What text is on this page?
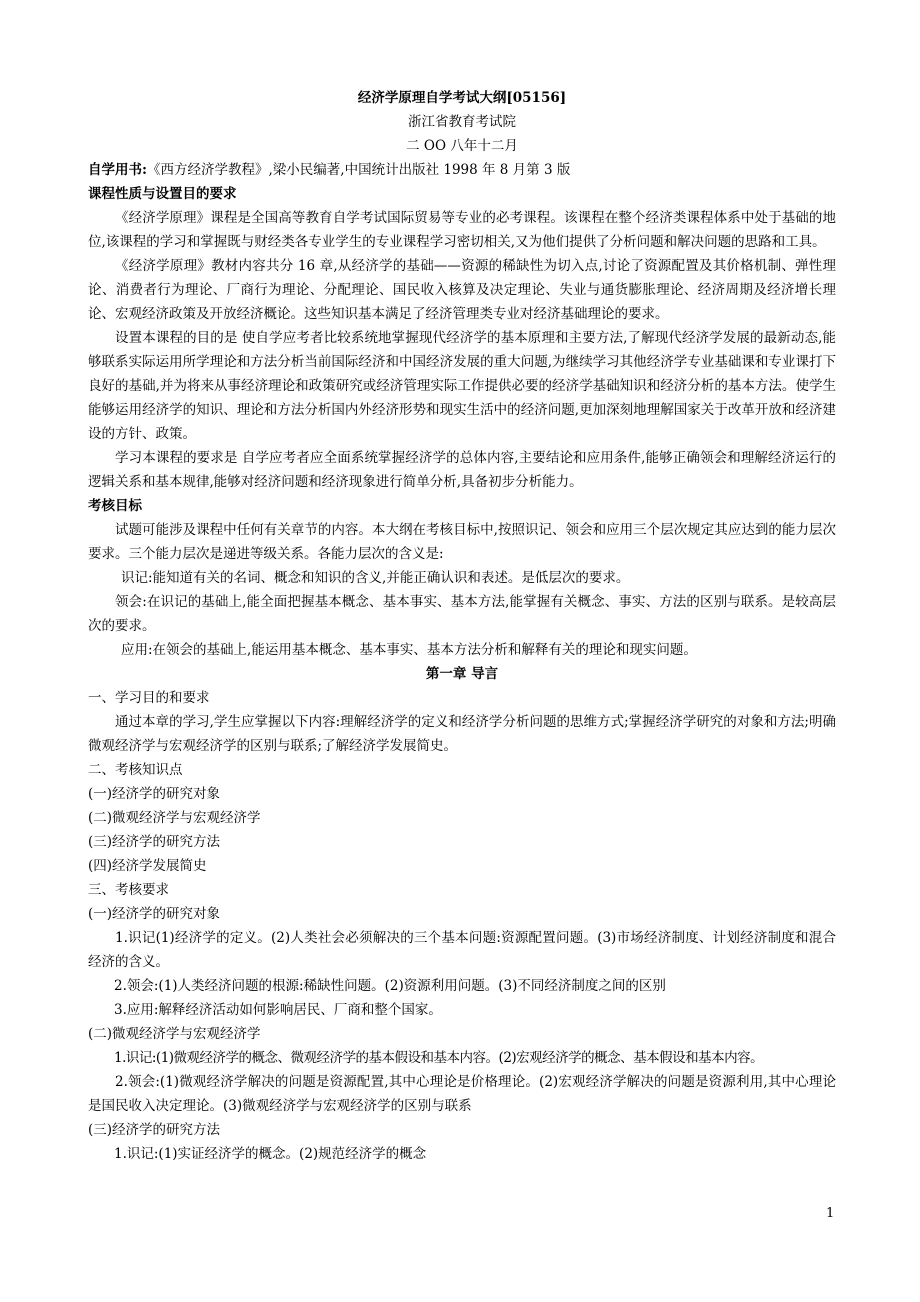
经济学原理自学考试大纲[05156]
浙江省教育考试院
二 OO 八年十二月
自学用书:《西方经济学教程》,梁小民编著,中国统计出版社 1998 年 8 月第 3 版
课程性质与设置目的要求
《经济学原理》课程是全国高等教育自学考试国际贸易等专业的必考课程。该课程在整个经济类课程体系中处于基础的地位,该课程的学习和掌握既与财经类各专业学生的专业课程学习密切相关,又为他们提供了分析问题和解决问题的思路和工具。
《经济学原理》教材内容共分 16 章,从经济学的基础——资源的稀缺性为切入点,讨论了资源配置及其价格机制、弹性理论、消费者行为理论、厂商行为理论、分配理论、国民收入核算及决定理论、失业与通货膨胀理论、经济周期及经济增长理论、宏观经济政策及开放经济概论。这些知识基本满足了经济管理类专业对经济基础理论的要求。
设置本课程的目的是 使自学应考者比较系统地掌握现代经济学的基本原理和主要方法,了解现代经济学发展的最新动态,能够联系实际运用所学理论和方法分析当前国际经济和中国经济发展的重大问题,为继续学习其他经济学专业基础课和专业课打下良好的基础,并为将来从事经济理论和政策研究或经济管理实际工作提供必要的经济学基础知识和经济分析的基本方法。使学生能够运用经济学的知识、理论和方法分析国内外经济形势和现实生活中的经济问题,更加深刻地理解国家关于改革开放和经济建设的方针、政策。
学习本课程的要求是 自学应考者应全面系统掌握经济学的总体内容,主要结论和应用条件,能够正确领会和理解经济运行的逻辑关系和基本规律,能够对经济问题和经济现象进行简单分析,具备初步分析能力。
考核目标
试题可能涉及课程中任何有关章节的内容。本大纲在考核目标中,按照识记、领会和应用三个层次规定其应达到的能力层次要求。三个能力层次是递进等级关系。各能力层次的含义是:
识记:能知道有关的名词、概念和知识的含义,并能正确认识和表述。是低层次的要求。
领会:在识记的基础上,能全面把握基本概念、基本事实、基本方法,能掌握有关概念、事实、方法的区别与联系。是较高层次的要求。
应用:在领会的基础上,能运用基本概念、基本事实、基本方法分析和解释有关的理论和现实问题。
第一章 导言
一、学习目的和要求
通过本章的学习,学生应掌握以下内容:理解经济学的定义和经济学分析问题的思维方式;掌握经济学研究的对象和方法;明确微观经济学与宏观经济学的区别与联系;了解经济学发展简史。
二、考核知识点
(一)经济学的研究对象
(二)微观经济学与宏观经济学
(三)经济学的研究方法
(四)经济学发展简史
三、考核要求
(一)经济学的研究对象
1.识记(1)经济学的定义。(2)人类社会必须解决的三个基本问题:资源配置问题。(3)市场经济制度、计划经济制度和混合经济的含义。
2.领会:(1)人类经济问题的根源:稀缺性问题。(2)资源利用问题。(3)不同经济制度之间的区别
3.应用:解释经济活动如何影响居民、厂商和整个国家。
(二)微观经济学与宏观经济学
1.识记:(1)微观经济学的概念、微观经济学的基本假设和基本内容。(2)宏观经济学的概念、基本假设和基本内容。
2.领会:(1)微观经济学解决的问题是资源配置,其中心理论是价格理论。(2)宏观经济学解决的问题是资源利用,其中心理论是国民收入决定理论。(3)微观经济学与宏观经济学的区别与联系
(三)经济学的研究方法
1.识记:(1)实证经济学的概念。(2)规范经济学的概念
1
